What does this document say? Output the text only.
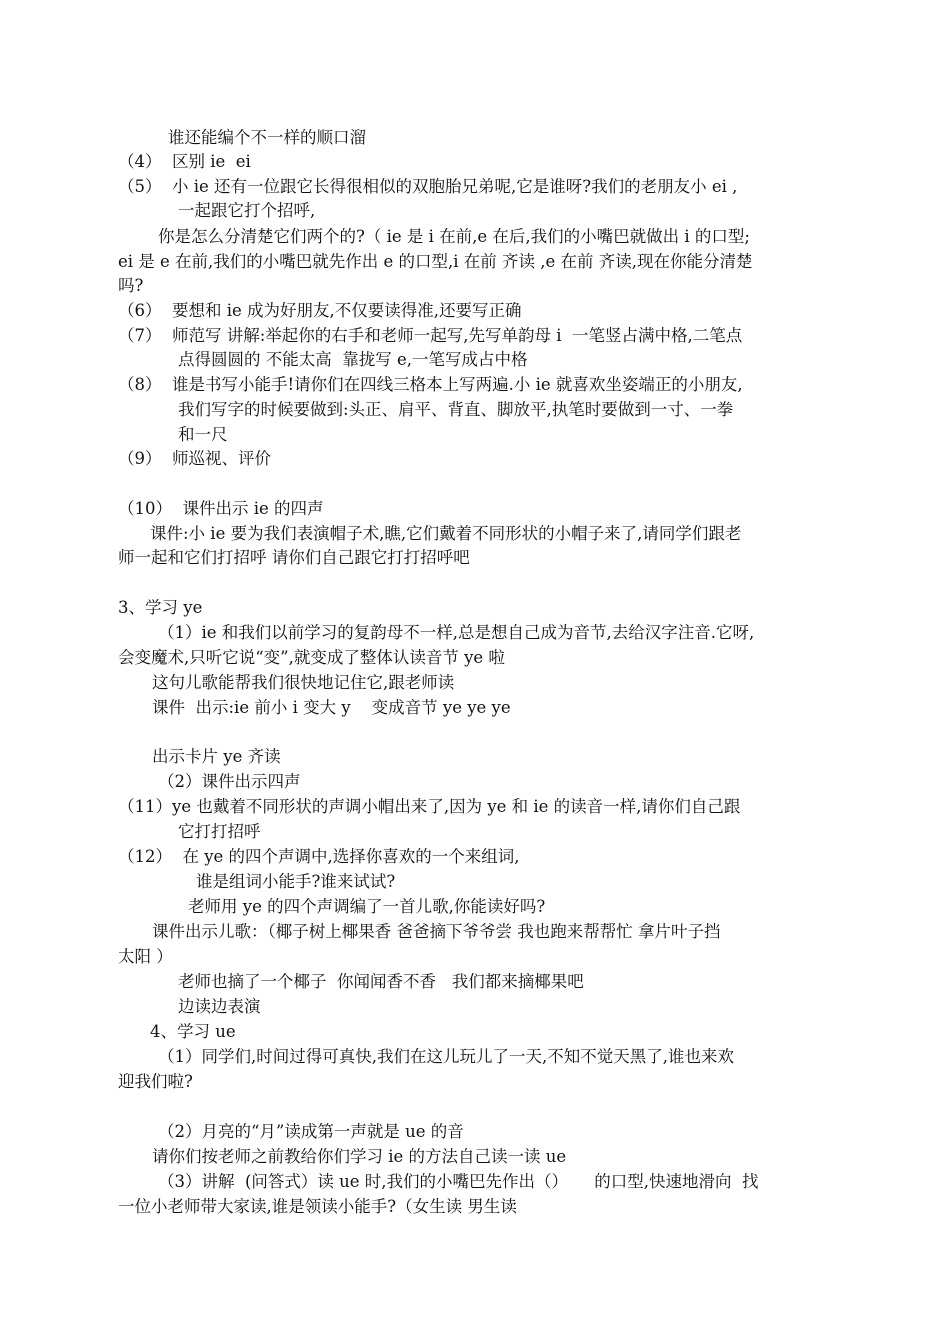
谁还能编个不一样的顺口溜
（4）  区别 ie  ei
（5）  小 ie 还有一位跟它长得很相似的双胞胎兄弟呢,它是谁呀?我们的老朋友小 ei ,
一起跟它打个招呼,
你是怎么分清楚它们两个的?（ ie 是 i 在前,e 在后,我们的小嘴巴就做出 i 的口型;
ei 是 e 在前,我们的小嘴巴就先作出 e 的口型,i 在前 齐读 ,e 在前 齐读,现在你能分清楚
吗?
（6）  要想和 ie 成为好朋友,不仅要读得准,还要写正确
（7）  师范写 讲解:举起你的右手和老师一起写,先写单韵母 i  一笔竖占满中格,二笔点
点得圆圆的 不能太高  靠拢写 e,一笔写成占中格
（8）  谁是书写小能手!请你们在四线三格本上写两遍.小 ie 就喜欢坐姿端正的小朋友,
我们写字的时候要做到:头正、肩平、背直、脚放平,执笔时要做到一寸、一拳
和一尺
（9）  师巡视、评价
（10）  课件出示 ie 的四声
课件:小 ie 要为我们表演帽子术,瞧,它们戴着不同形状的小帽子来了,请同学们跟老
师一起和它们打招呼 请你们自己跟它打打招呼吧
3、学习 ye
（1）ie 和我们以前学习的复韵母不一样,总是想自己成为音节,去给汉字注音.它呀,
会变魔术,只听它说“变”,就变成了整体认读音节 ye 啦
这句儿歌能帮我们很快地记住它,跟老师读
课件  出示:ie 前小 i 变大 y    变成音节 ye ye ye
出示卡片 ye 齐读
（2）课件出示四声
（11）ye 也戴着不同形状的声调小帽出来了,因为 ye 和 ie 的读音一样,请你们自己跟
它打打招呼
（12）  在 ye 的四个声调中,选择你喜欢的一个来组词,
谁是组词小能手?谁来试试?
老师用 ye 的四个声调编了一首儿歌,你能读好吗?
课件出示儿歌：（椰子树上椰果香 爸爸摘下爷爷尝 我也跑来帮帮忙 拿片叶子挡
太阳 ）
老师也摘了一个椰子  你闻闻香不香   我们都来摘椰果吧
边读边表演
4、学习 ue
（1）同学们,时间过得可真快,我们在这儿玩儿了一天,不知不觉天黑了,谁也来欢
迎我们啦?
（2）月亮的“月”读成第一声就是 ue 的音
请你们按老师之前教给你们学习 ie 的方法自己读一读 ue
（3）讲解  (问答式）读 ue 时,我们的小嘴巴先作出（）     的口型,快速地滑向  找
一位小老师带大家读,谁是领读小能手?（女生读 男生读
